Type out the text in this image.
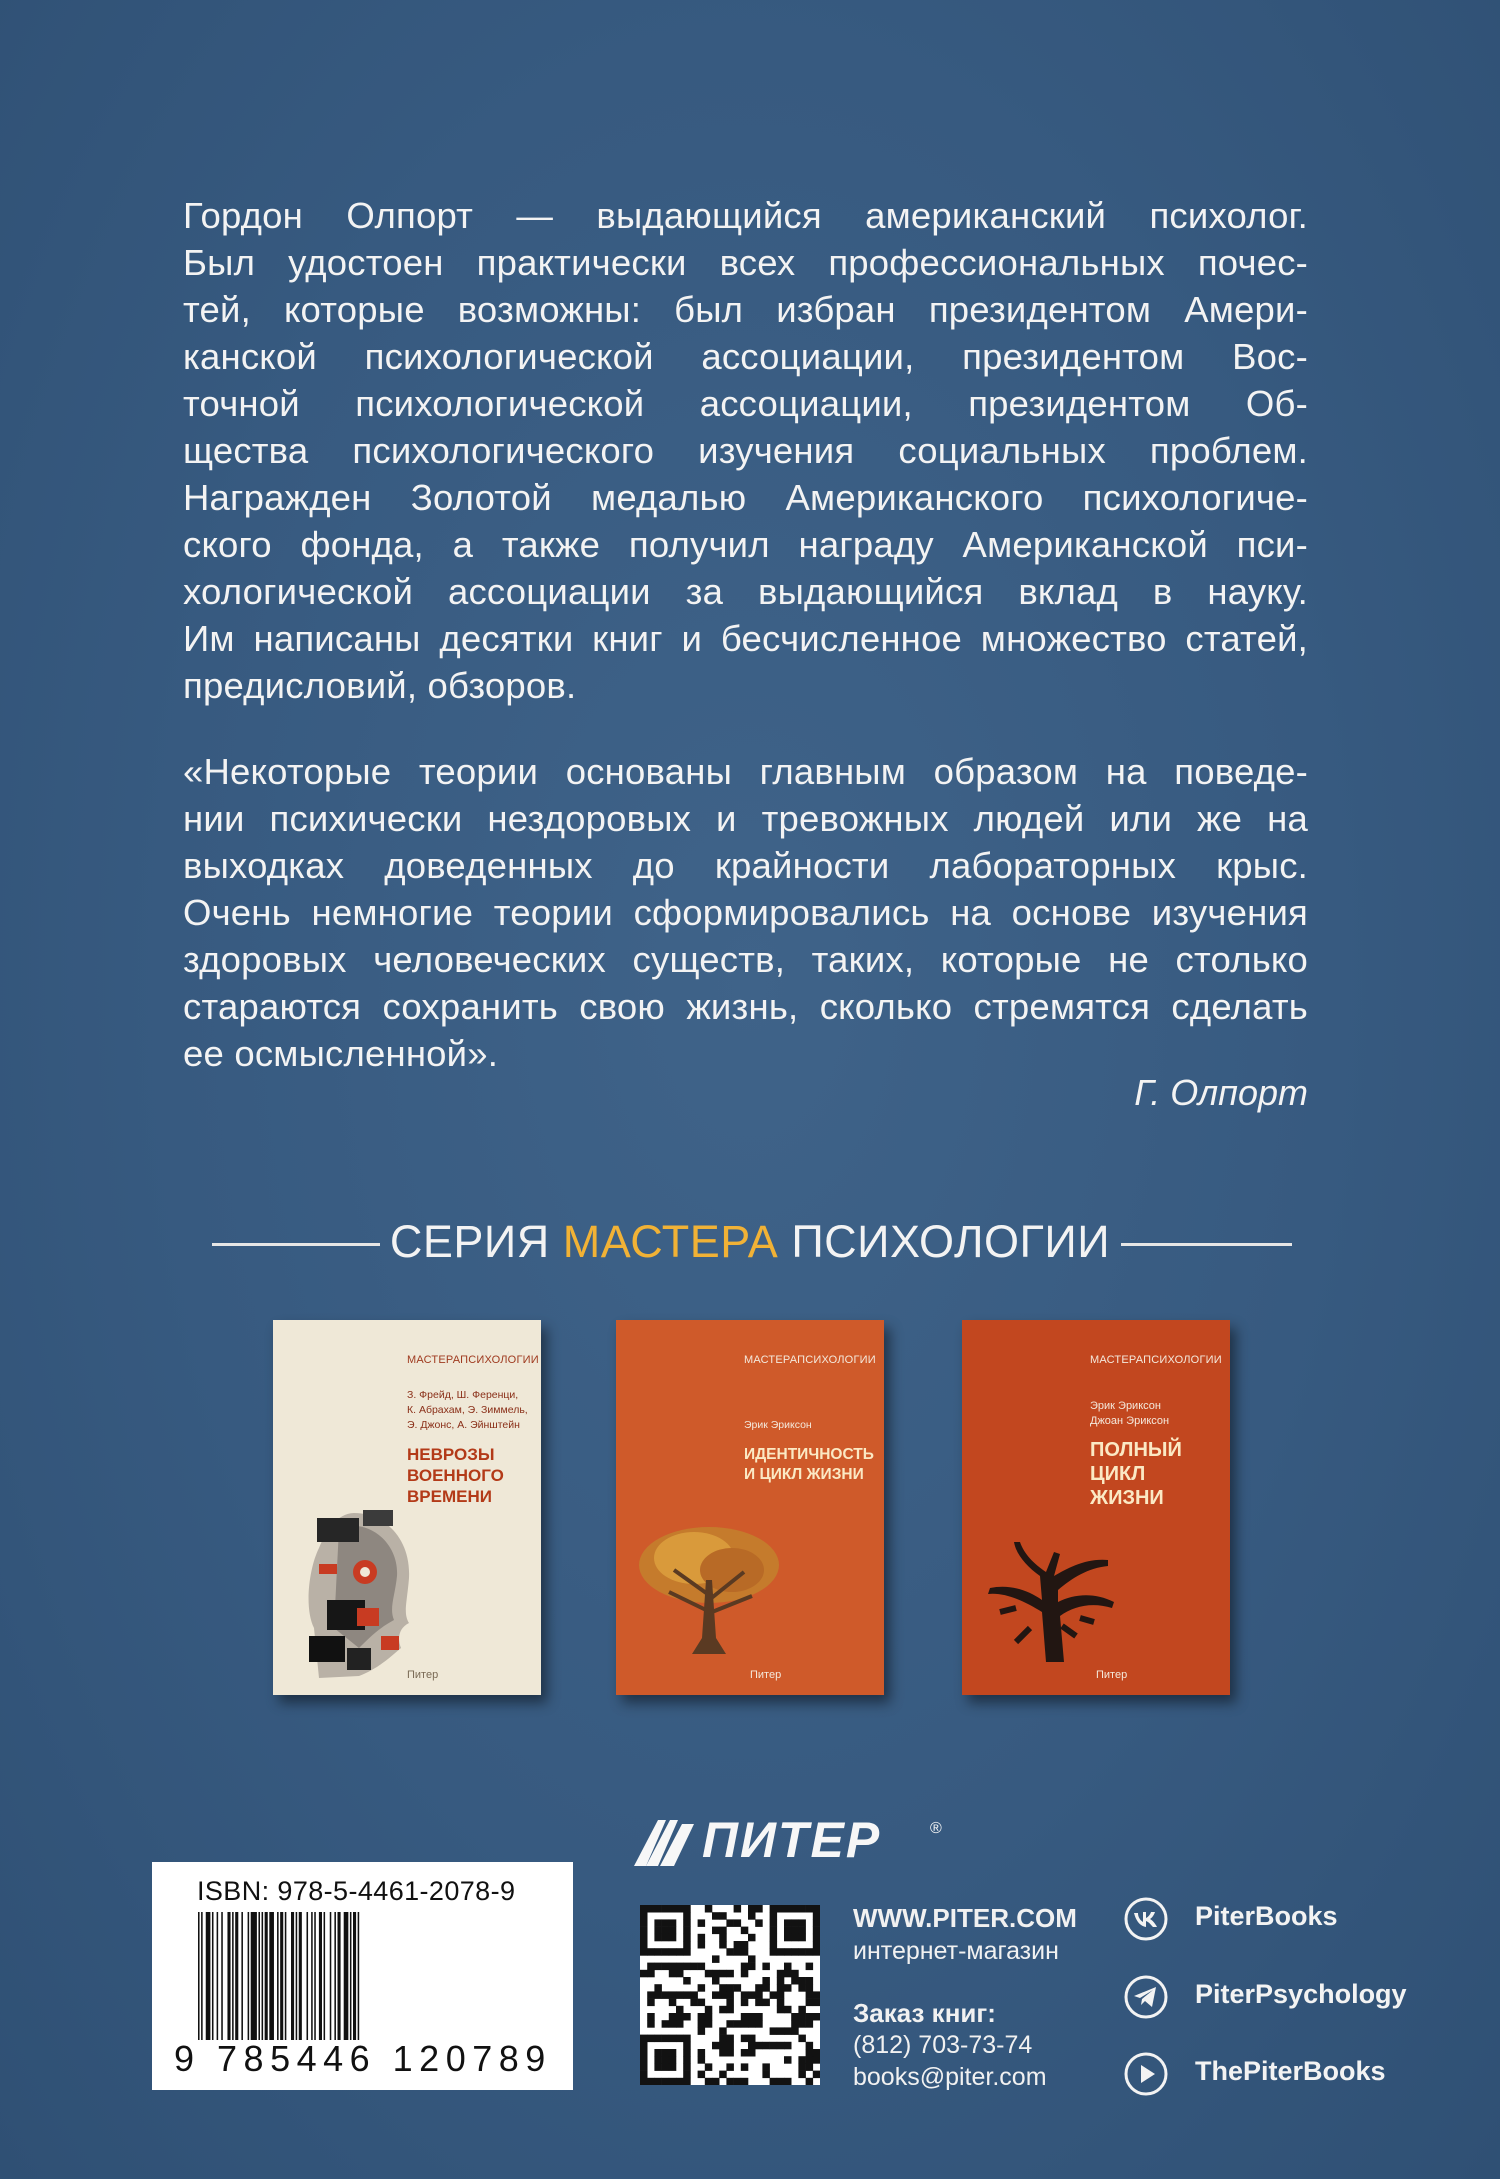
Гордон Олпорт — выдающийся американский психолог.
Был удостоен практически всех профессиональных почес-
тей, которые возможны: был избран президентом Амери-
канской психологической ассоциации, президентом Вос-
точной психологической ассоциации, президентом Об-
щества психологического изучения социальных проблем.
Награжден Золотой медалью Американского психологиче-
ского фонда, а также получил награду Американской пси-
хологической ассоциации за выдающийся вклад в науку.
Им написаны десятки книг и бесчисленное множество статей,
предисловий, обзоров.
«Некоторые теории основаны главным образом на поведе-
нии психически нездоровых и тревожных людей или же на
выходках доведенных до крайности лабораторных крыс.
Очень немногие теории сформировались на основе изучения
здоровых человеческих существ, таких, которые не столько
стараются сохранить свою жизнь, сколько стремятся сделать
ее осмысленной».
Г. Олпорт
СЕРИЯ МАСТЕРА ПСИХОЛОГИИ
МАСТЕРАПСИХОЛОГИИ
З. Фрейд, Ш. Ференци,
К. Абрахам, Э. Зиммель,
Э. Джонс, А. Эйнштейн
НЕВРОЗЫ
ВОЕННОГО
ВРЕМЕНИ
Питер
МАСТЕРАПСИХОЛОГИИ
Эрик Эриксон
ИДЕНТИЧНОСТЬ
И ЦИКЛ ЖИЗНИ
Питер
МАСТЕРАПСИХОЛОГИИ
Эрик Эриксон
Джоан Эриксон
ПОЛНЫЙ
ЦИКЛ
ЖИЗНИ
Питер
ПИТЕР	®
ISBN: 978-5-4461-2078-9
9 785446 120789
WWW.PITER.COM
интернет-магазин
Заказ книг:
(812) 703-73-74
books@piter.com
PiterBooks
PiterPsychology
ThePiterBooks
